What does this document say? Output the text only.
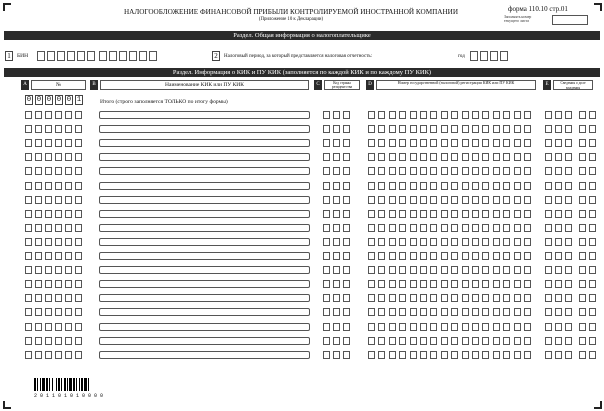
НАЛОГООБЛОЖЕНИЕ ФИНАНСОВОЙ ПРИБЫЛИ КОНТРОЛИРУЕМОЙ ИНОСТРАННОЙ КОМПАНИИ
(Приложение 10 к Декларации)
форма 110.10 стр.01
Заполнять номер текущего листа
Раздел. Общая информация о налогоплательщике
1	БИН	2	Налоговый период, за который представляется налоговая отчетность:	год
Раздел. Информация о КИК и ПУ КИК (заполняется по каждой КИК и по каждому ПУ КИК)
A	№	B	Наименование КИК или ПУ КИК	C	Код страны резидентства	D	Номер государственной (налоговой) регистрации КИК или ПУ КИК	E	Сведения о доле владения
0 0 0 0 0 1	Итого (строго заполняется ТОЛЬКО по итогу формы)
2 0 1 1 0 1 0 1 0 0 0 0
